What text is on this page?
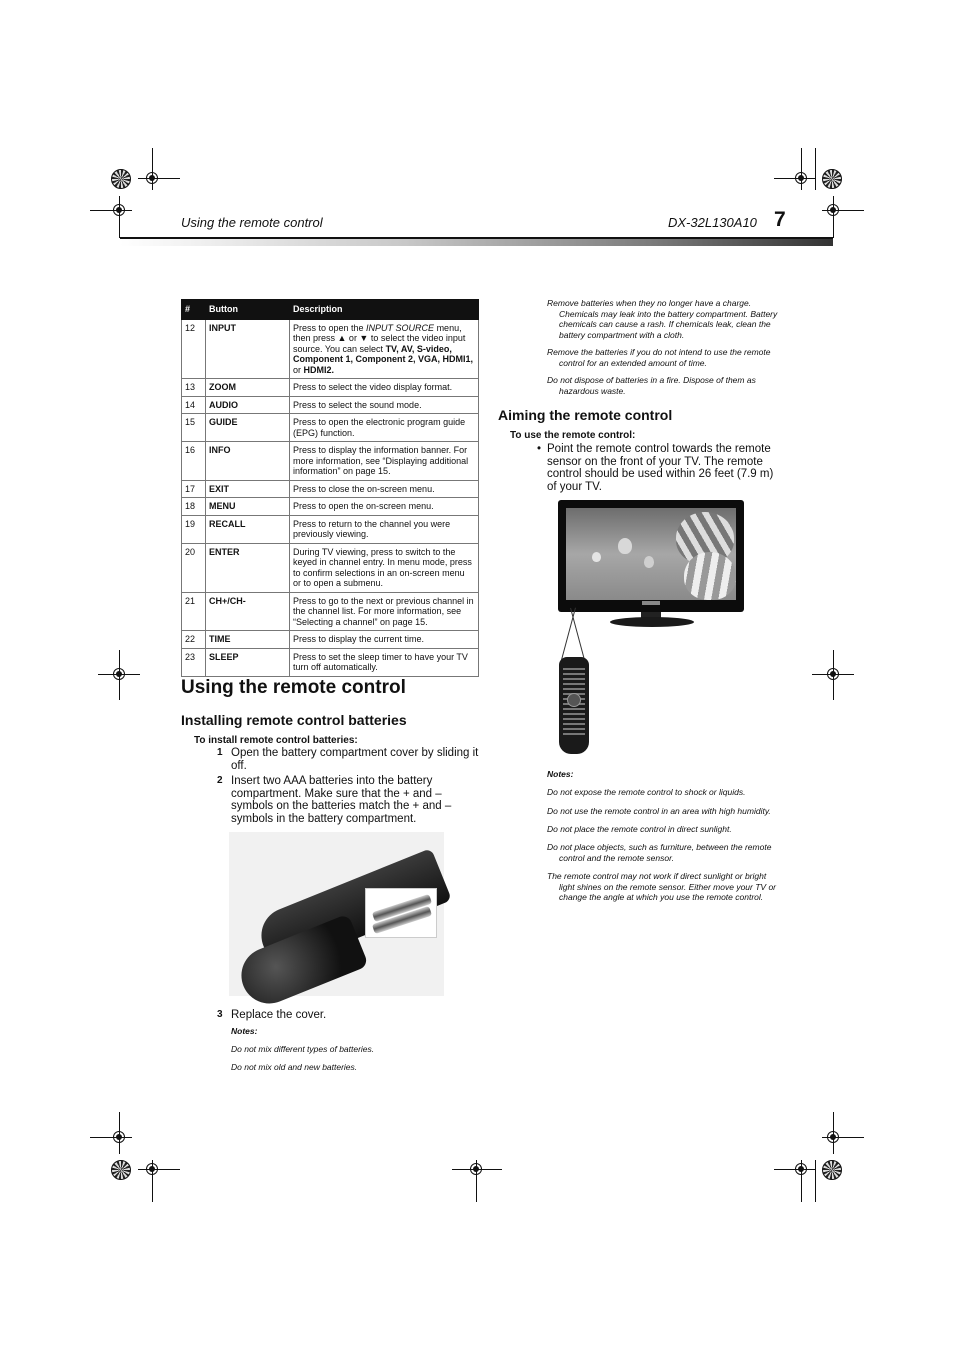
Using the remote control	DX-32L130A10 7
#	Button	Description
12	INPUT	Press to open the INPUT SOURCE menu, then press ▲ or ▼ to select the video input source. You can select TV, AV, S-video, Component 1, Component 2, VGA, HDMI1, or HDMI2.
13	ZOOM	Press to select the video display format.
14	AUDIO	Press to select the sound mode.
15	GUIDE	Press to open the electronic program guide (EPG) function.
16	INFO	Press to display the information banner. For more information, see “Displaying additional information” on page 15.
17	EXIT	Press to close the on-screen menu.
18	MENU	Press to open the on-screen menu.
19	RECALL	Press to return to the channel you were previously viewing.
20	ENTER	During TV viewing, press to switch to the keyed in channel entry. In menu mode, press to confirm selections in an on-screen menu or to open a submenu.
21	CH+/CH-	Press to go to the next or previous channel in the channel list. For more information, see “Selecting a channel” on page 15.
22	TIME	Press to display the current time.
23	SLEEP	Press to set the sleep timer to have your TV turn off automatically.
Using the remote control
Installing remote control batteries
To install remote control batteries:
1 Open the battery compartment cover by sliding it off.
2 Insert two AAA batteries into the battery compartment. Make sure that the + and – symbols on the batteries match the + and – symbols in the battery compartment.
3 Replace the cover.
Notes:
Do not mix different types of batteries.
Do not mix old and new batteries.
Remove batteries when they no longer have a charge.
Chemicals may leak into the battery compartment. Battery chemicals can cause a rash. If chemicals leak, clean the battery compartment with a cloth.
Remove the batteries if you do not intend to use the remote
control for an extended amount of time.
Do not dispose of batteries in a fire. Dispose of them as
hazardous waste.
Aiming the remote control
To use the remote control:
• Point the remote control towards the remote sensor on the front of your TV. The remote control should be used within 26 feet (7.9 m) of your TV.
Notes:
Do not expose the remote control to shock or liquids.
Do not use the remote control in an area with high humidity.
Do not place the remote control in direct sunlight.
Do not place objects, such as furniture, between the remote
control and the remote sensor.
The remote control may not work if direct sunlight or bright
light shines on the remote sensor. Either move your TV or change the angle at which you use the remote control.
